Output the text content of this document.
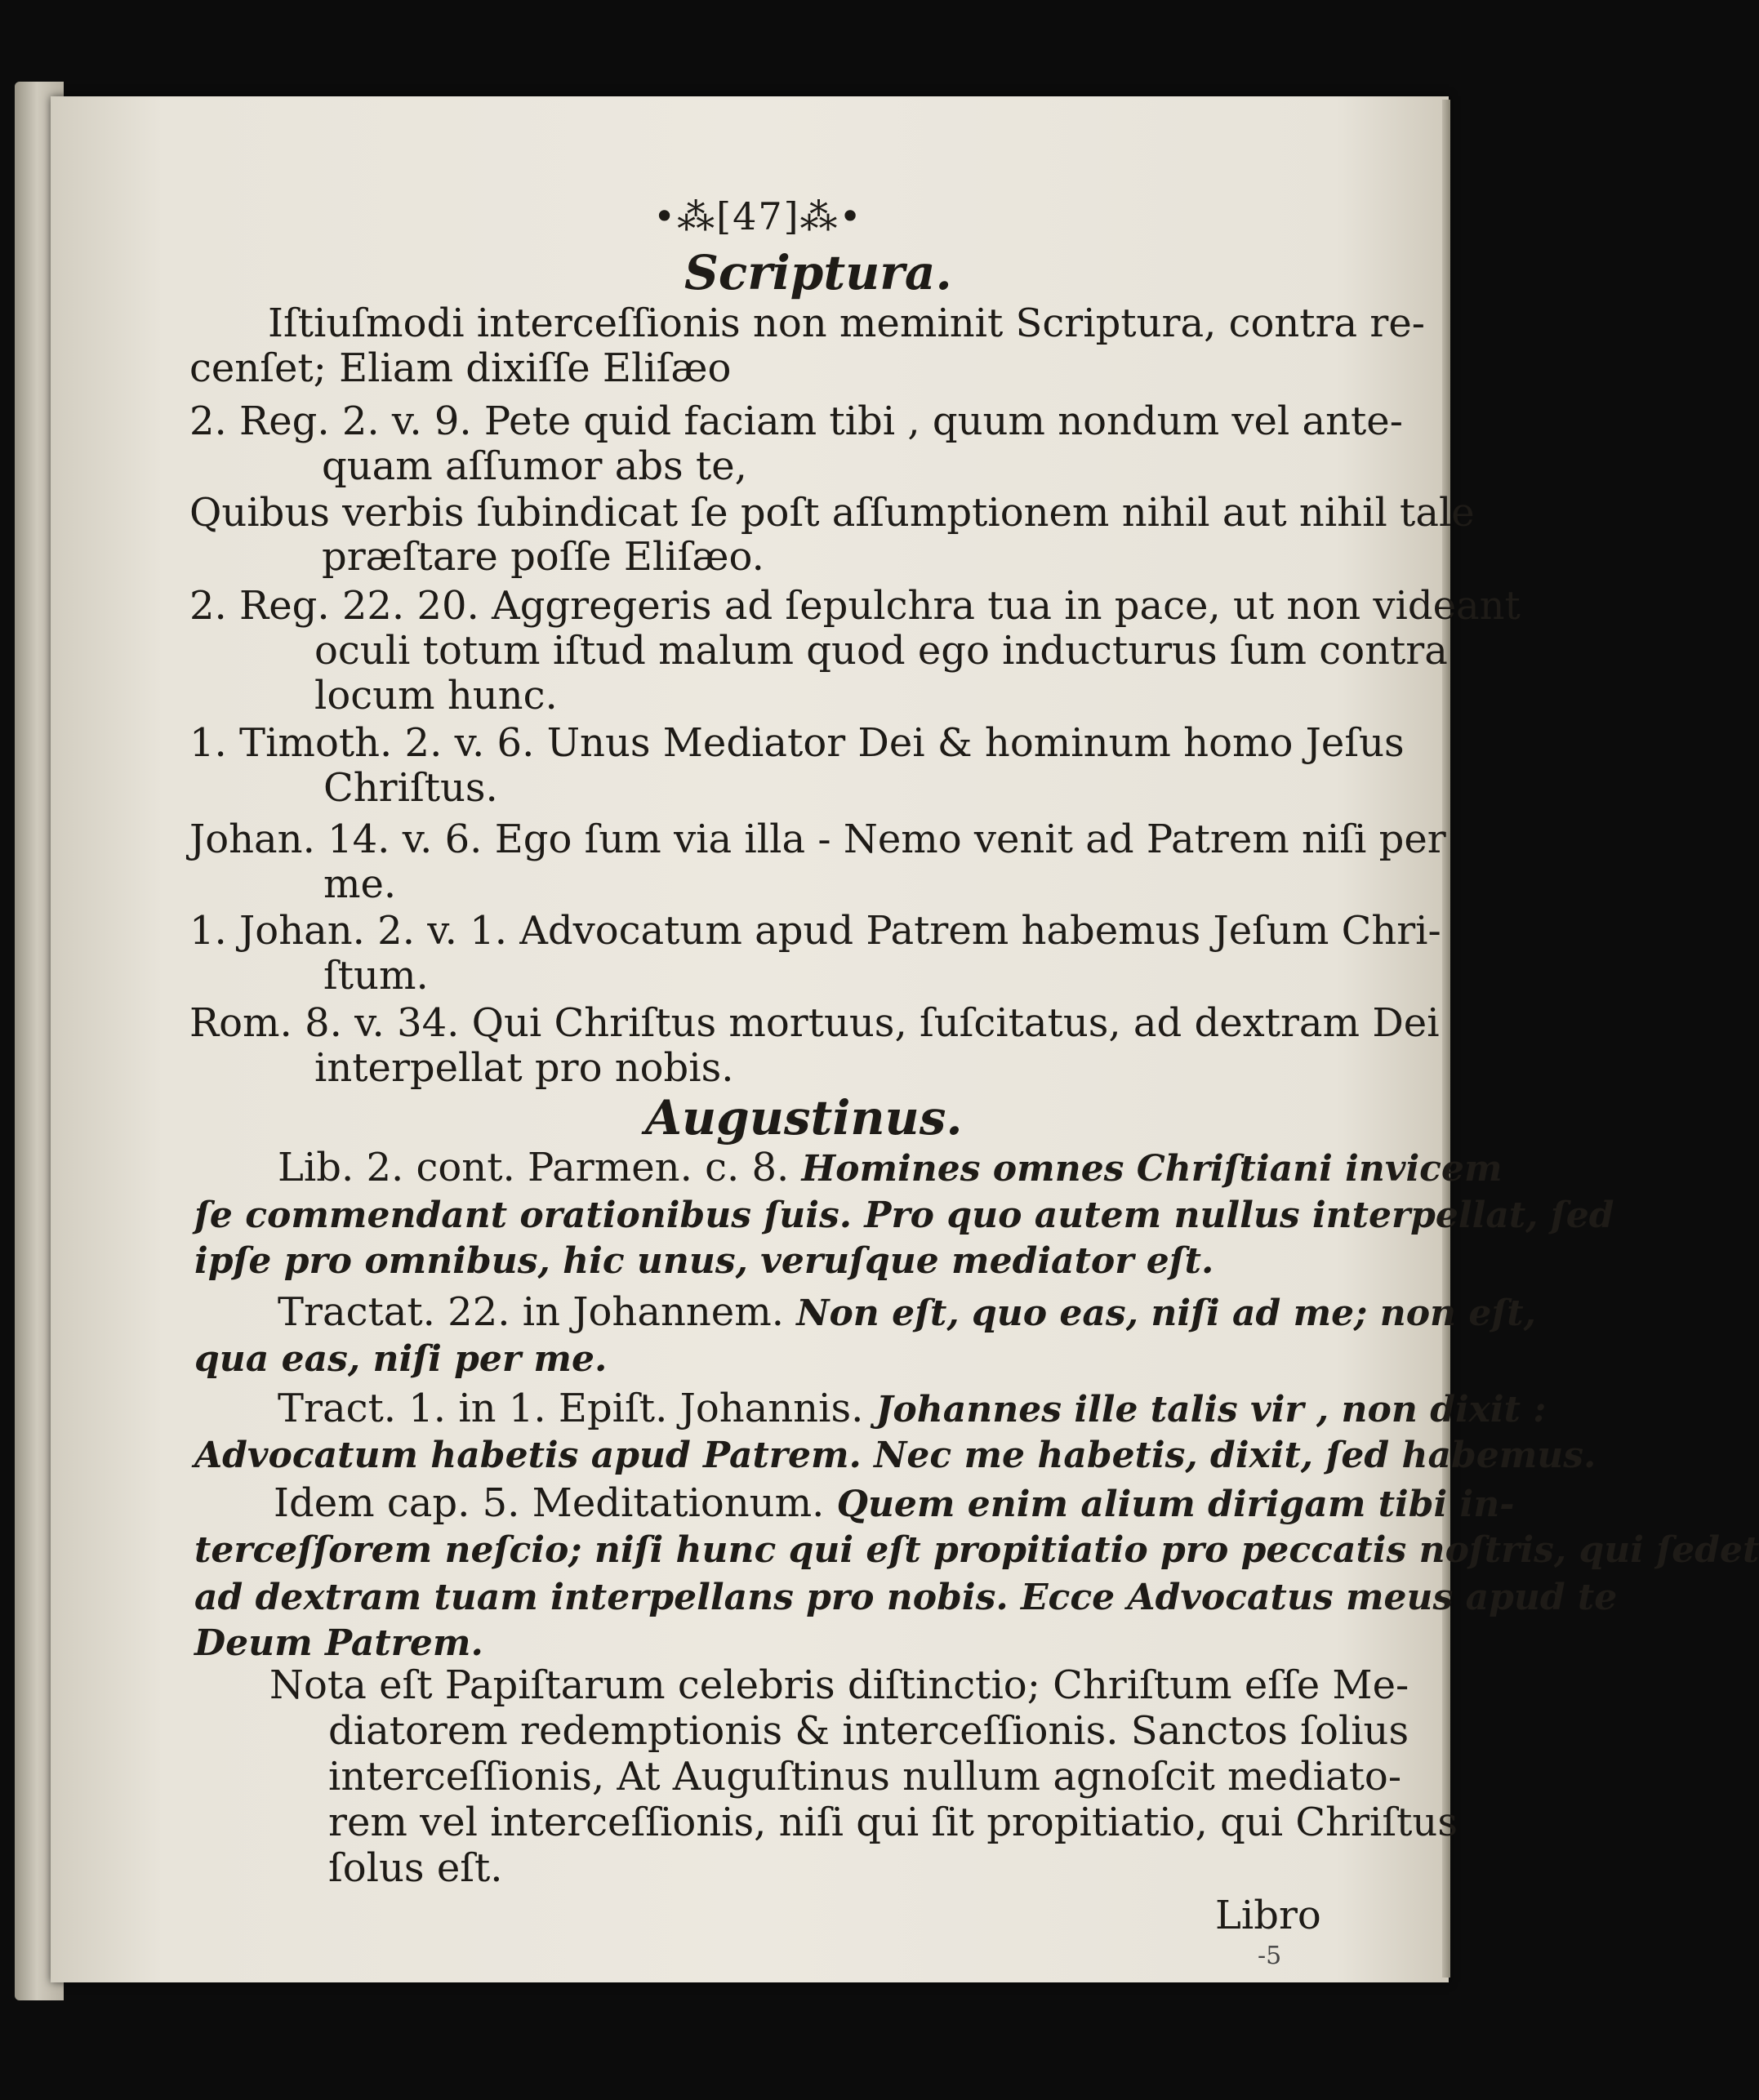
•⁂[47]⁂•
Scriptura.
Iſtiuſmodi interceſſionis non meminit Scriptura, contra re-
cenſet; Eliam dixiſſe Eliſæo
2. Reg. 2. v. 9. Pete quid faciam tibi , quum nondum vel ante-
quam aſſumor abs te,
Quibus verbis ſubindicat ſe poſt aſſumptionem nihil aut nihil tale
præſtare poſſe Eliſæo.
2. Reg. 22. 20. Aggregeris ad ſepulchra tua in pace, ut non videant
oculi totum iſtud malum quod ego inducturus ſum contra
locum hunc.
1. Timoth. 2. v. 6. Unus Mediator Dei & hominum homo Jeſus
Chriſtus.
Johan. 14. v. 6. Ego ſum via illa - Nemo venit ad Patrem niſi per
me.
1. Johan. 2. v. 1. Advocatum apud Patrem habemus Jeſum Chri-
ſtum.
Rom. 8. v. 34. Qui Chriſtus mortuus, ſuſcitatus, ad dextram Dei
interpellat pro nobis.
Augustinus.
Lib. 2. cont. Parmen. c. 8. Homines omnes Chriſtiani invicem
ſe commendant orationibus ſuis. Pro quo autem nullus interpellat, ſed
ipſe pro omnibus, hic unus, veruſque mediator eſt.
Tractat. 22. in Johannem. Non eſt, quo eas, niſi ad me; non eſt,
qua eas, niſi per me.
Tract. 1. in 1. Epiſt. Johannis. Johannes ille talis vir , non dixit :
Advocatum habetis apud Patrem. Nec me habetis, dixit, ſed habemus.
Idem cap. 5. Meditationum. Quem enim alium dirigam tibi in-
terceſſorem neſcio; niſi hunc qui eſt propitiatio pro peccatis noſtris, qui ſedet
ad dextram tuam interpellans pro nobis. Ecce Advocatus meus apud te
Deum Patrem.
Nota eſt Papiſtarum celebris diſtinctio; Chriſtum eſſe Me-
diatorem redemptionis & interceſſionis. Sanctos ſolius
interceſſionis, At Auguſtinus nullum agnoſcit mediato-
rem vel interceſſionis, niſi qui ſit propitiatio, qui Chriſtus
ſolus eſt.
Libro
-5
